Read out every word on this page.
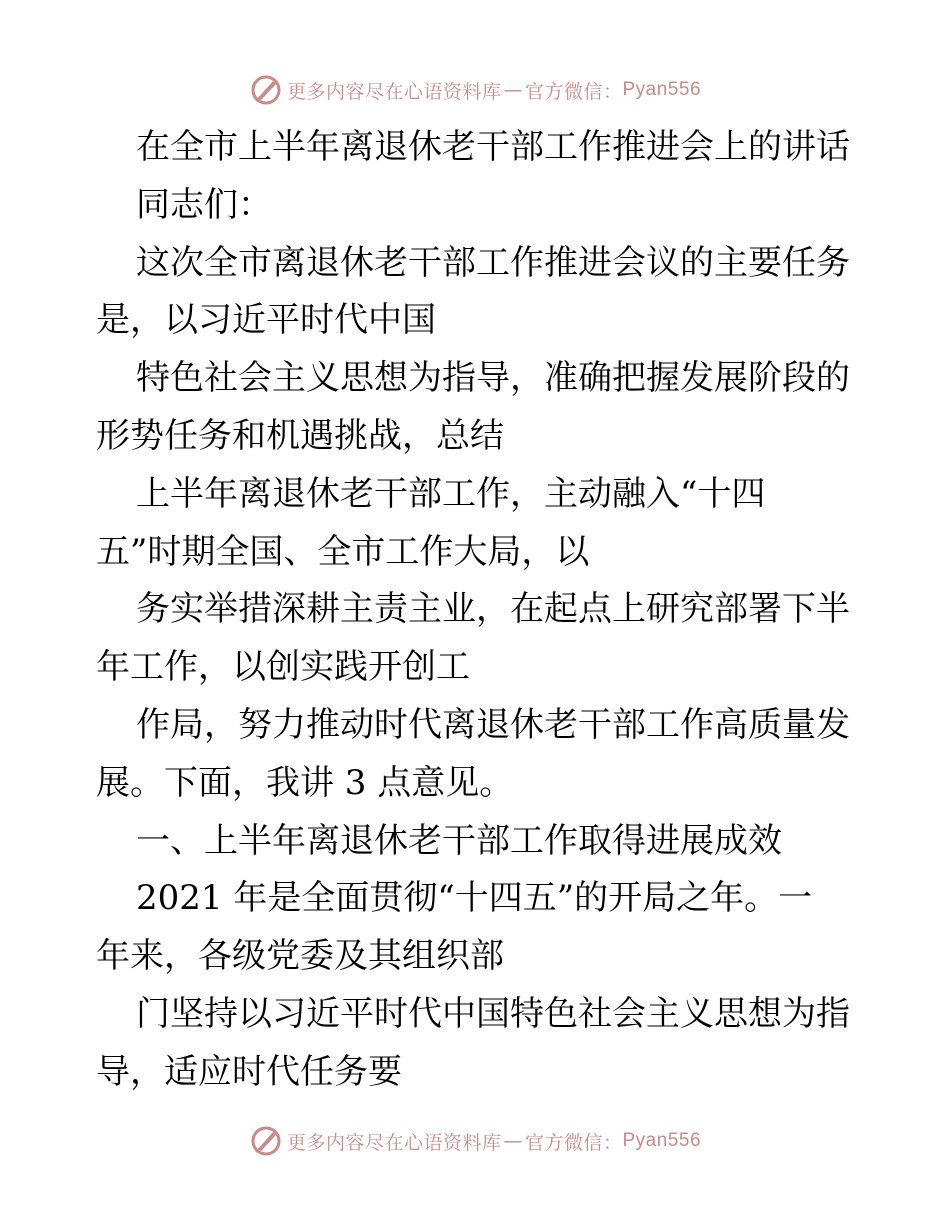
更多内容尽在心语资料库 — 官方微信： Pyan556
在全市上半年离退休老干部工作推进会上的讲话
同志们：
这次全市离退休老干部工作推进会议的主要任务
是，以习近平时代中国
特色社会主义思想为指导，准确把握发展阶段的
形势任务和机遇挑战，总结
上半年离退休老干部工作，主动融入“十四
五”时期全国、全市工作大局，以
务实举措深耕主责主业，在起点上研究部署下半
年工作，以创实践开创工
作局，努力推动时代离退休老干部工作高质量发
展。下面，我讲 3 点意见。
一、上半年离退休老干部工作取得进展成效
2021 年是全面贯彻“十四五”的开局之年。一
年来，各级党委及其组织部
门坚持以习近平时代中国特色社会主义思想为指
导，适应时代任务要
更多内容尽在心语资料库 — 官方微信： Pyan556
